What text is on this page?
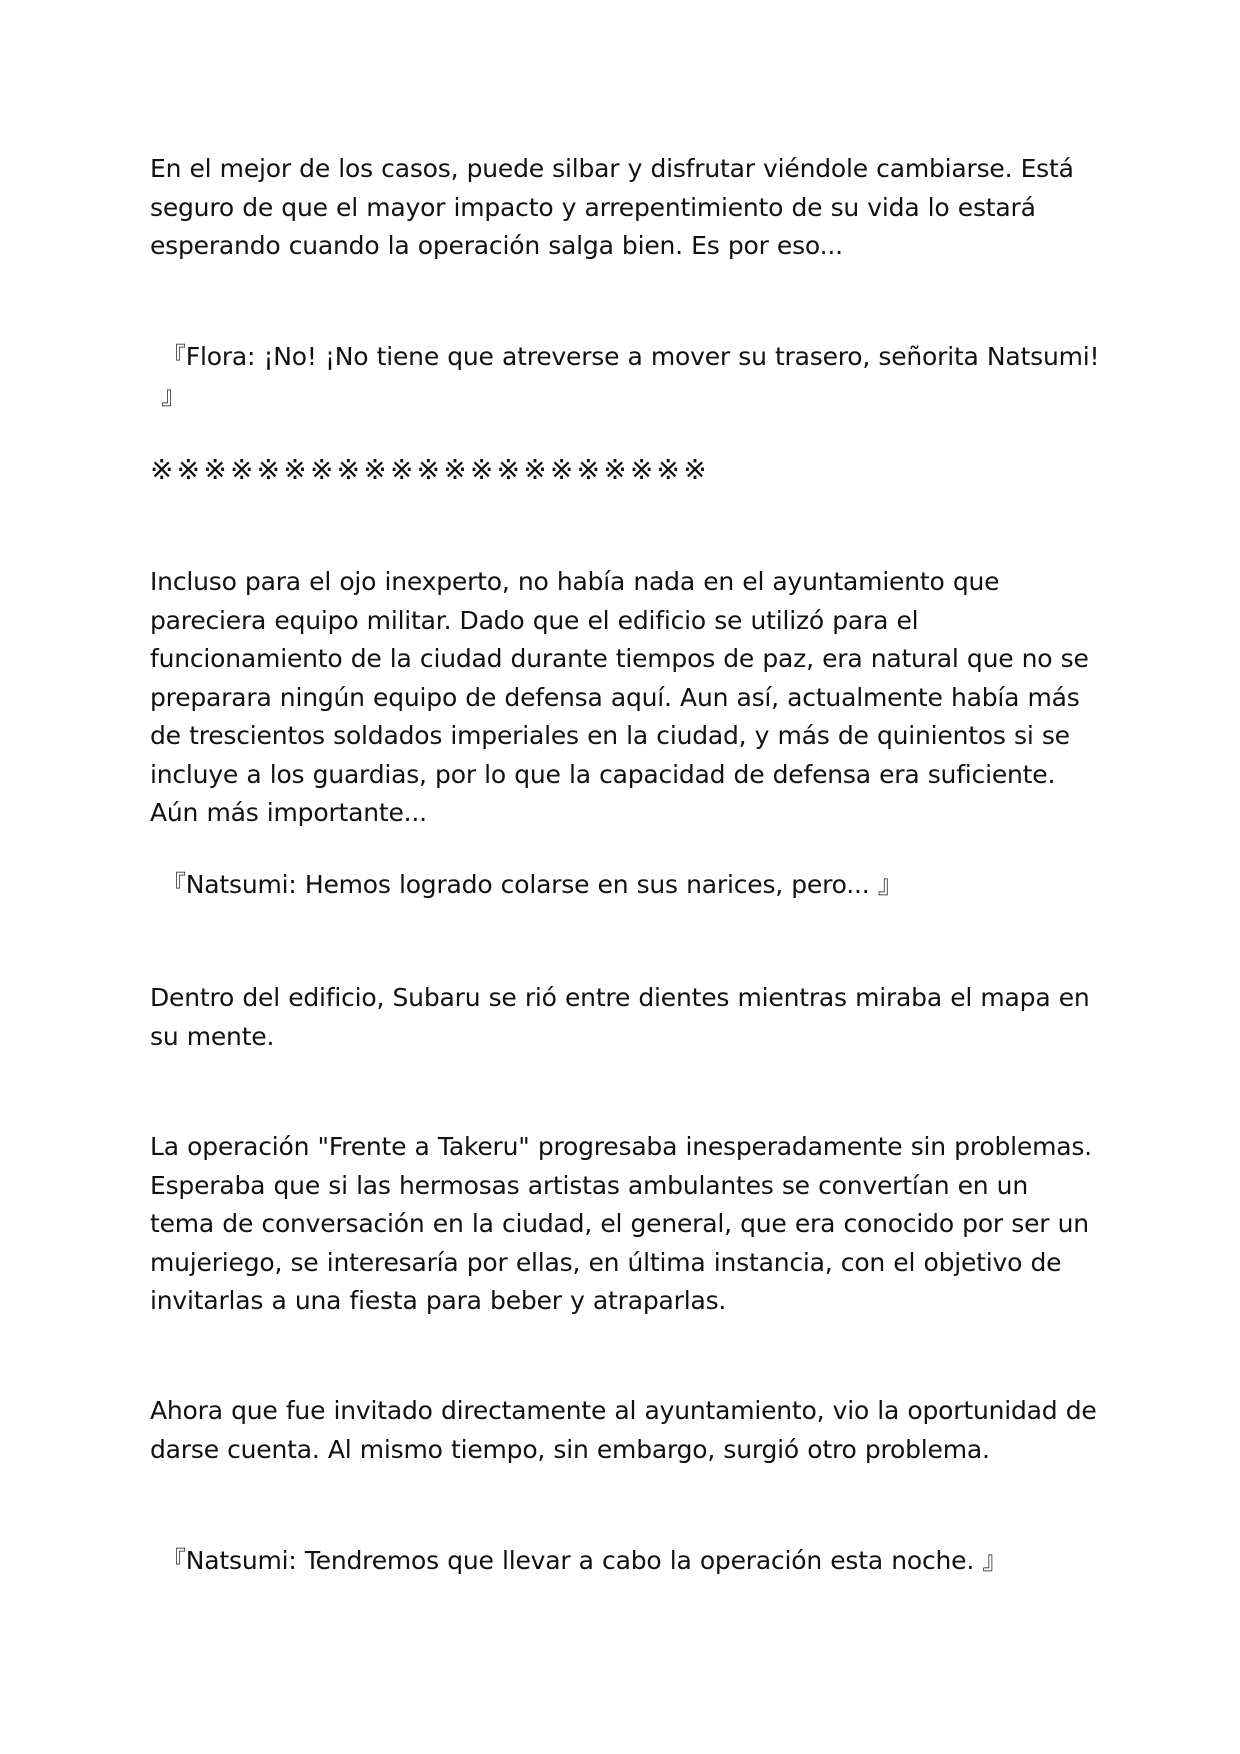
En el mejor de los casos, puede silbar y disfrutar viéndole cambiarse. Está seguro de que el mayor impacto y arrepentimiento de su vida lo estará esperando cuando la operación salga bien. Es por eso...

『Flora: ¡No! ¡No tiene que atreverse a mover su trasero, señorita Natsumi! 』

※※※※※※※※※※※※※※※※※※※※※

Incluso para el ojo inexperto, no había nada en el ayuntamiento que pareciera equipo militar. Dado que el edificio se utilizó para el funcionamiento de la ciudad durante tiempos de paz, era natural que no se preparara ningún equipo de defensa aquí. Aun así, actualmente había más de trescientos soldados imperiales en la ciudad, y más de quinientos si se incluye a los guardias, por lo que la capacidad de defensa era suficiente. Aún más importante...

『Natsumi: Hemos logrado colarse en sus narices, pero... 』

Dentro del edificio, Subaru se rió entre dientes mientras miraba el mapa en su mente.

La operación "Frente a Takeru" progresaba inesperadamente sin problemas. Esperaba que si las hermosas artistas ambulantes se convertían en un tema de conversación en la ciudad, el general, que era conocido por ser un mujeriego, se interesaría por ellas, en última instancia, con el objetivo de invitarlas a una fiesta para beber y atraparlas.

Ahora que fue invitado directamente al ayuntamiento, vio la oportunidad de darse cuenta. Al mismo tiempo, sin embargo, surgió otro problema.

『Natsumi: Tendremos que llevar a cabo la operación esta noche. 』
